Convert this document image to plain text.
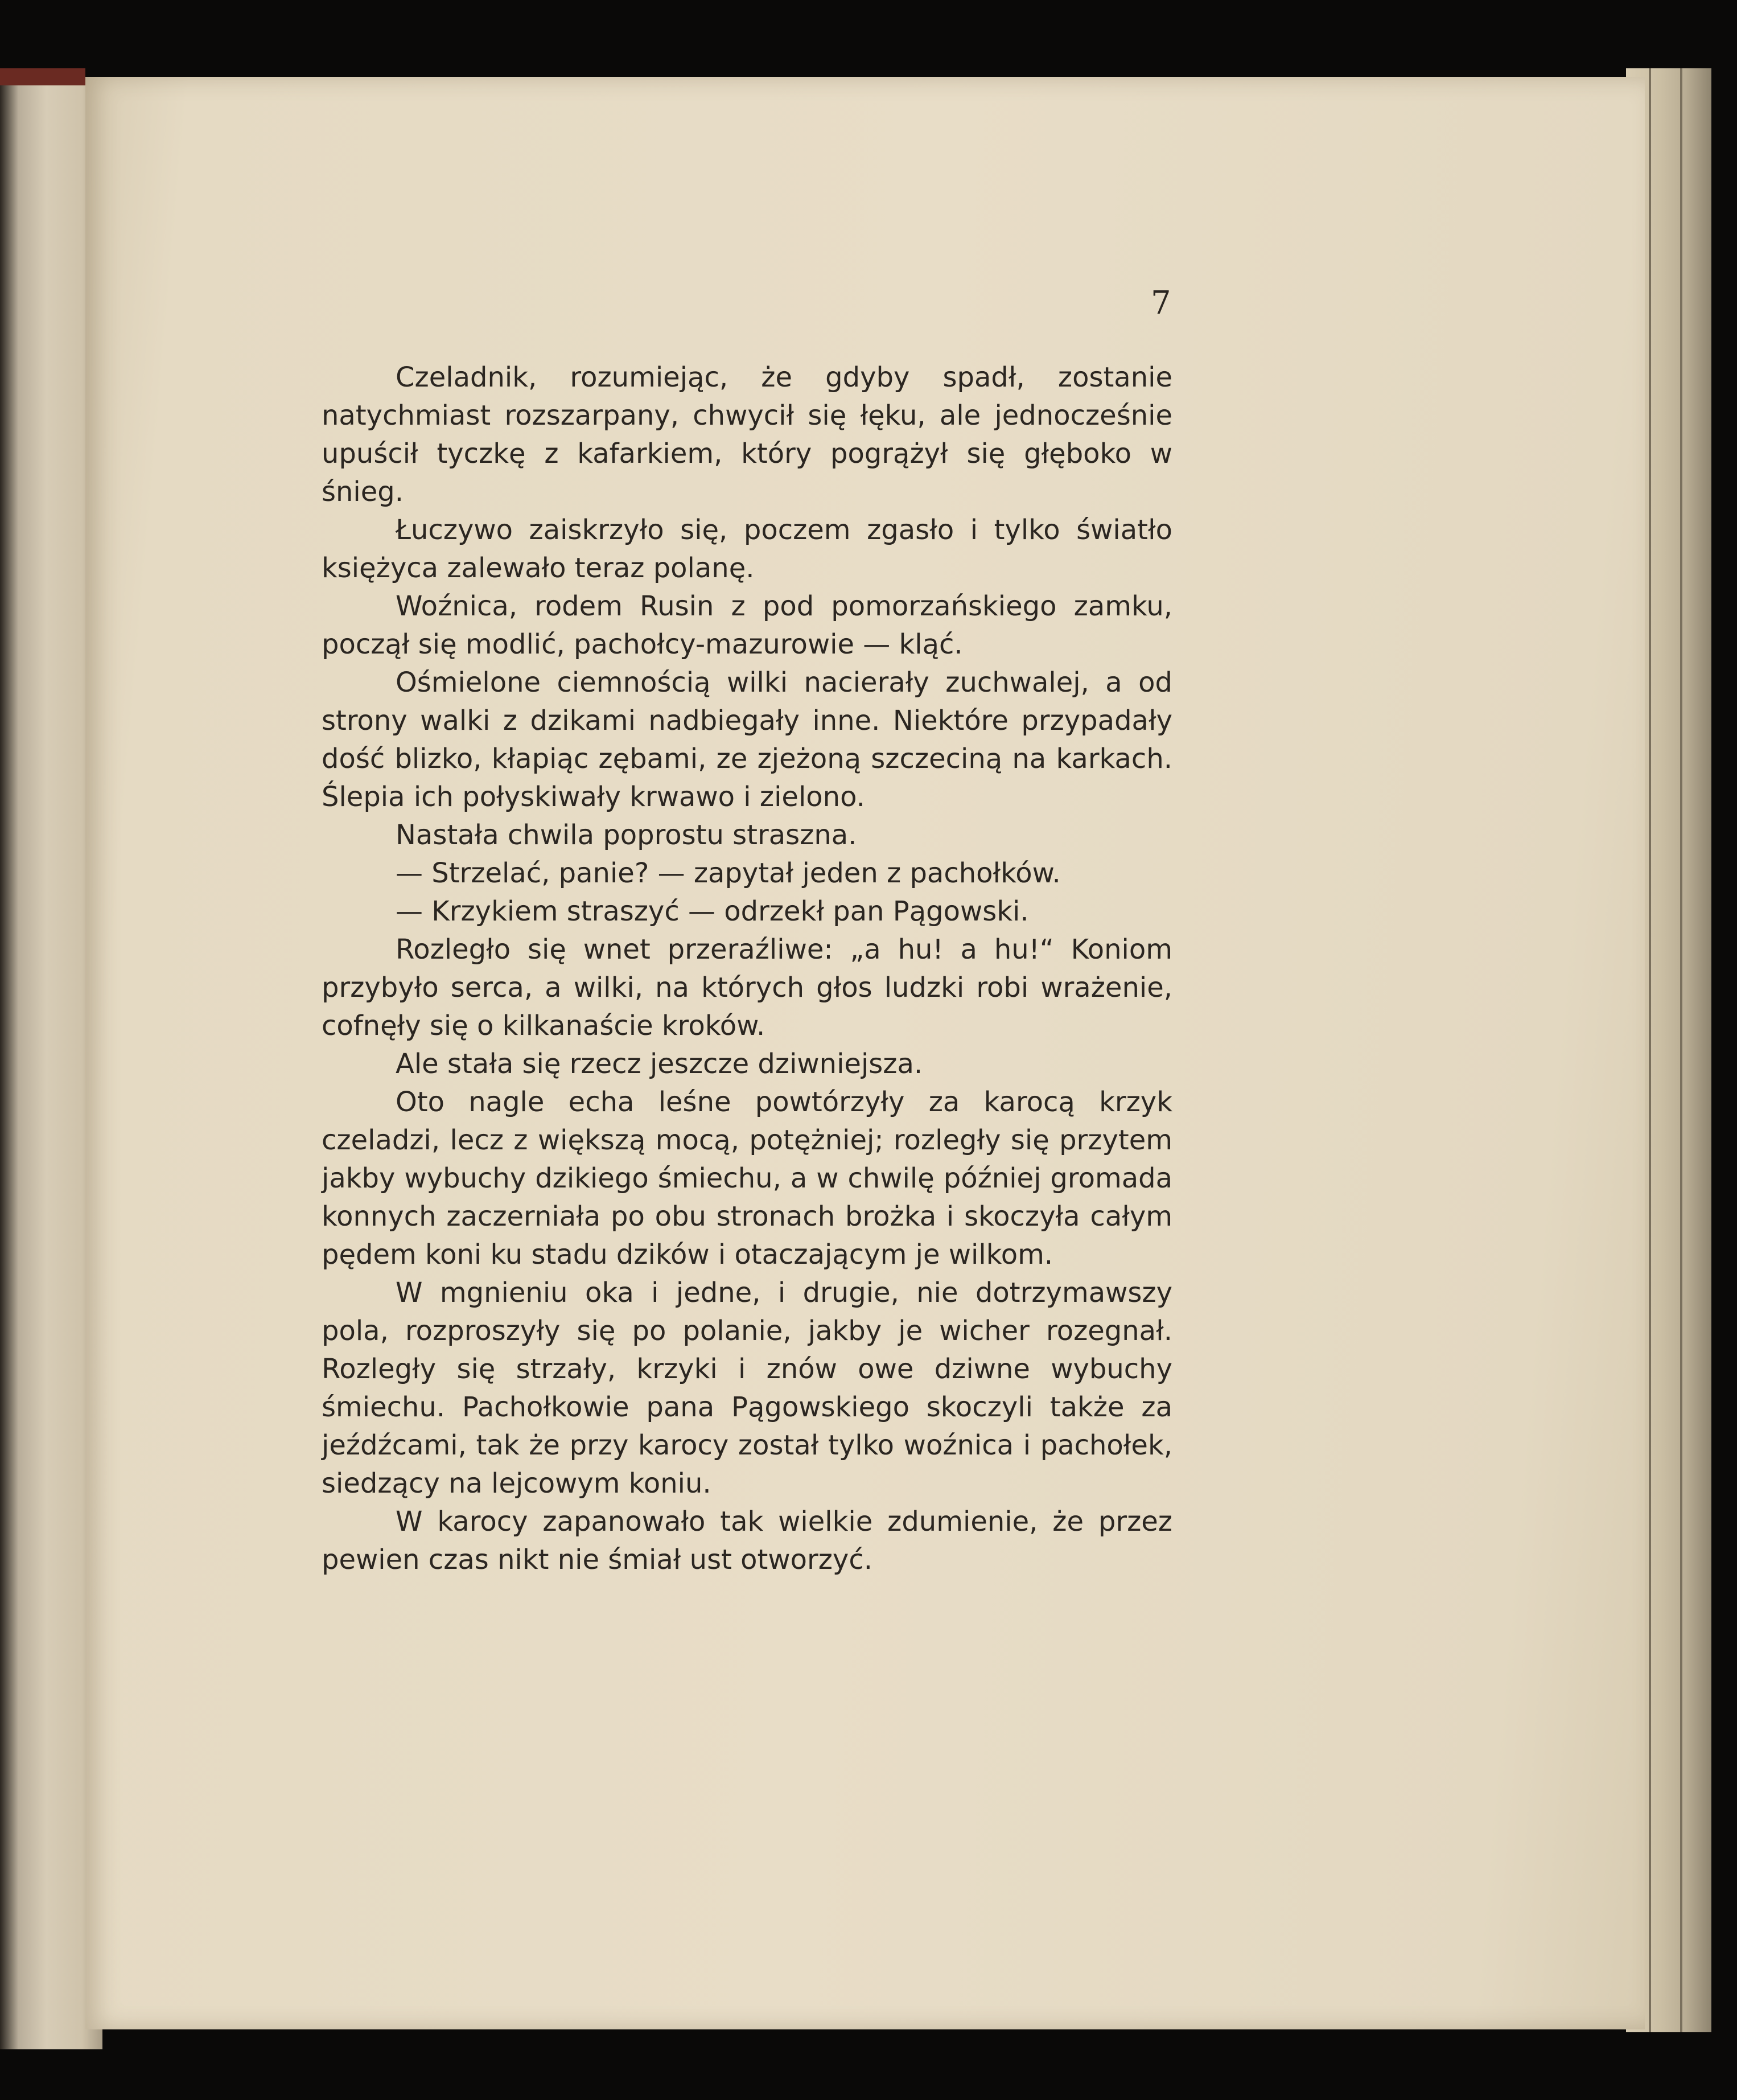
7

Czeladnik, rozumiejąc, że gdyby spadł, zostanie natychmiast rozszarpany, chwycił się łęku, ale jednocześnie upuścił tyczkę z kafarkiem, który pogrążył się głęboko w śnieg.

Łuczywo zaiskrzyło się, poczem zgasło i tylko światło księżyca zalewało teraz polanę.

Woźnica, rodem Rusin z pod pomorzańskiego zamku, począł się modlić, pachołcy-mazurowie — kląć.

Ośmielone ciemnością wilki nacierały zuchwalej, a od strony walki z dzikami nadbiegały inne. Niektóre przypadały dość blizko, kłapiąc zębami, ze zjeżoną szczeciną na karkach. Ślepia ich połyskiwały krwawo i zielono.

Nastała chwila poprostu straszna.

— Strzelać, panie? — zapytał jeden z pachołków.

— Krzykiem straszyć — odrzekł pan Pągowski.

Rozległo się wnet przeraźliwe: „a hu! a hu!“ Koniom przybyło serca, a wilki, na których głos ludzki robi wrażenie, cofnęły się o kilkanaście kroków.

Ale stała się rzecz jeszcze dziwniejsza.

Oto nagle echa leśne powtórzyły za karocą krzyk czeladzi, lecz z większą mocą, potężniej; rozległy się przytem jakby wybuchy dzikiego śmiechu, a w chwilę później gromada konnych zaczerniała po obu stronach brożka i skoczyła całym pędem koni ku stadu dzików i otaczającym je wilkom.

W mgnieniu oka i jedne, i drugie, nie dotrzymawszy pola, rozproszyły się po polanie, jakby je wicher rozegnał. Rozległy się strzały, krzyki i znów owe dziwne wybuchy śmiechu. Pachołkowie pana Pągowskiego skoczyli także za jeźdźcami, tak że przy karocy został tylko woźnica i pachołek, siedzący na lejcowym koniu.

W karocy zapanowało tak wielkie zdumienie, że przez pewien czas nikt nie śmiał ust otworzyć.
